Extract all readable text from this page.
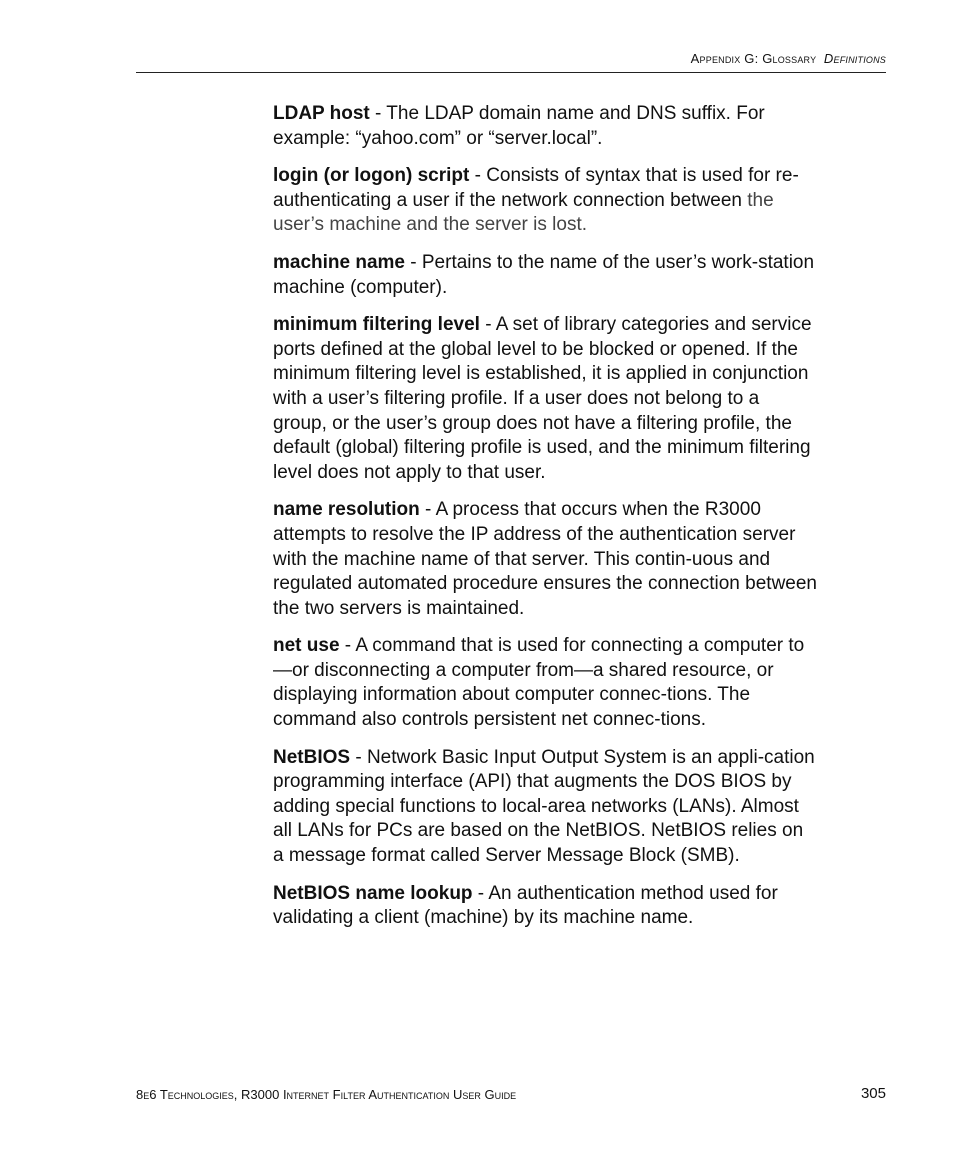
Appendix G: Glossary Definitions

LDAP host - The LDAP domain name and DNS suffix. For example: “yahoo.com” or “server.local”.

login (or logon) script - Consists of syntax that is used for re-authenticating a user if the network connection between the user’s machine and the server is lost.

machine name - Pertains to the name of the user’s work-station machine (computer).

minimum filtering level - A set of library categories and service ports defined at the global level to be blocked or opened. If the minimum filtering level is established, it is applied in conjunction with a user’s filtering profile. If a user does not belong to a group, or the user’s group does not have a filtering profile, the default (global) filtering profile is used, and the minimum filtering level does not apply to that user.

name resolution - A process that occurs when the R3000 attempts to resolve the IP address of the authentication server with the machine name of that server. This contin-uous and regulated automated procedure ensures the connection between the two servers is maintained.

net use - A command that is used for connecting a computer to—or disconnecting a computer from—a shared resource, or displaying information about computer connec-tions. The command also controls persistent net connec-tions.

NetBIOS - Network Basic Input Output System is an appli-cation programming interface (API) that augments the DOS BIOS by adding special functions to local-area networks (LANs). Almost all LANs for PCs are based on the NetBIOS. NetBIOS relies on a message format called Server Message Block (SMB).

NetBIOS name lookup - An authentication method used for validating a client (machine) by its machine name.

8e6 Technologies, R3000 Internet Filter Authentication User Guide	305
